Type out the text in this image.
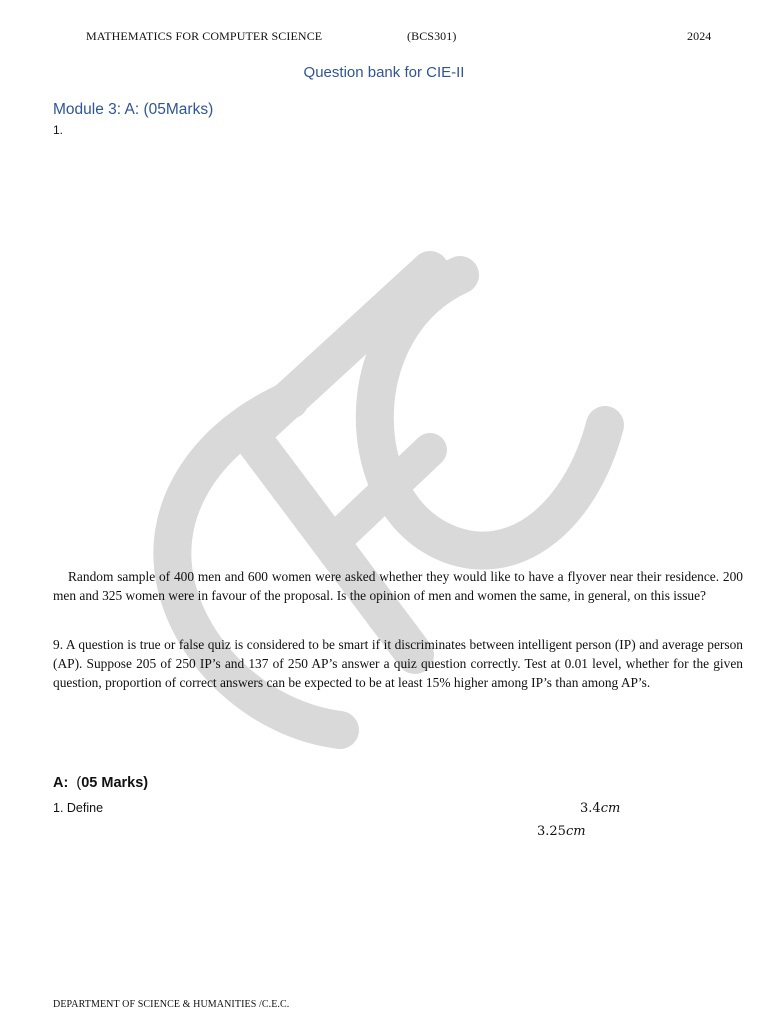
MATHEMATICS FOR COMPUTER SCIENCE	(BCS301)	2024
Question bank for CIE-II
Module 3: A: (05Marks)
1.
Random sample of 400 men and 600 women were asked whether they would like to have a flyover near their residence. 200 men and 325 women were in favour of the proposal. Is the opinion of men and women the same, in general, on this issue?
9. A question is true or false quiz is considered to be smart if it discriminates between intelligent person (IP) and average person (AP). Suppose 205 of 250 IP’s and 137 of 250 AP’s answer a quiz question correctly. Test at 0.01 level, whether for the given question, proportion of correct answers can be expected to be at least 15% higher among IP’s than among AP’s.
A: (05 Marks)
1. Define	3.4cm
3.25cm
DEPARTMENT OF SCIENCE & HUMANITIES /C.E.C.
